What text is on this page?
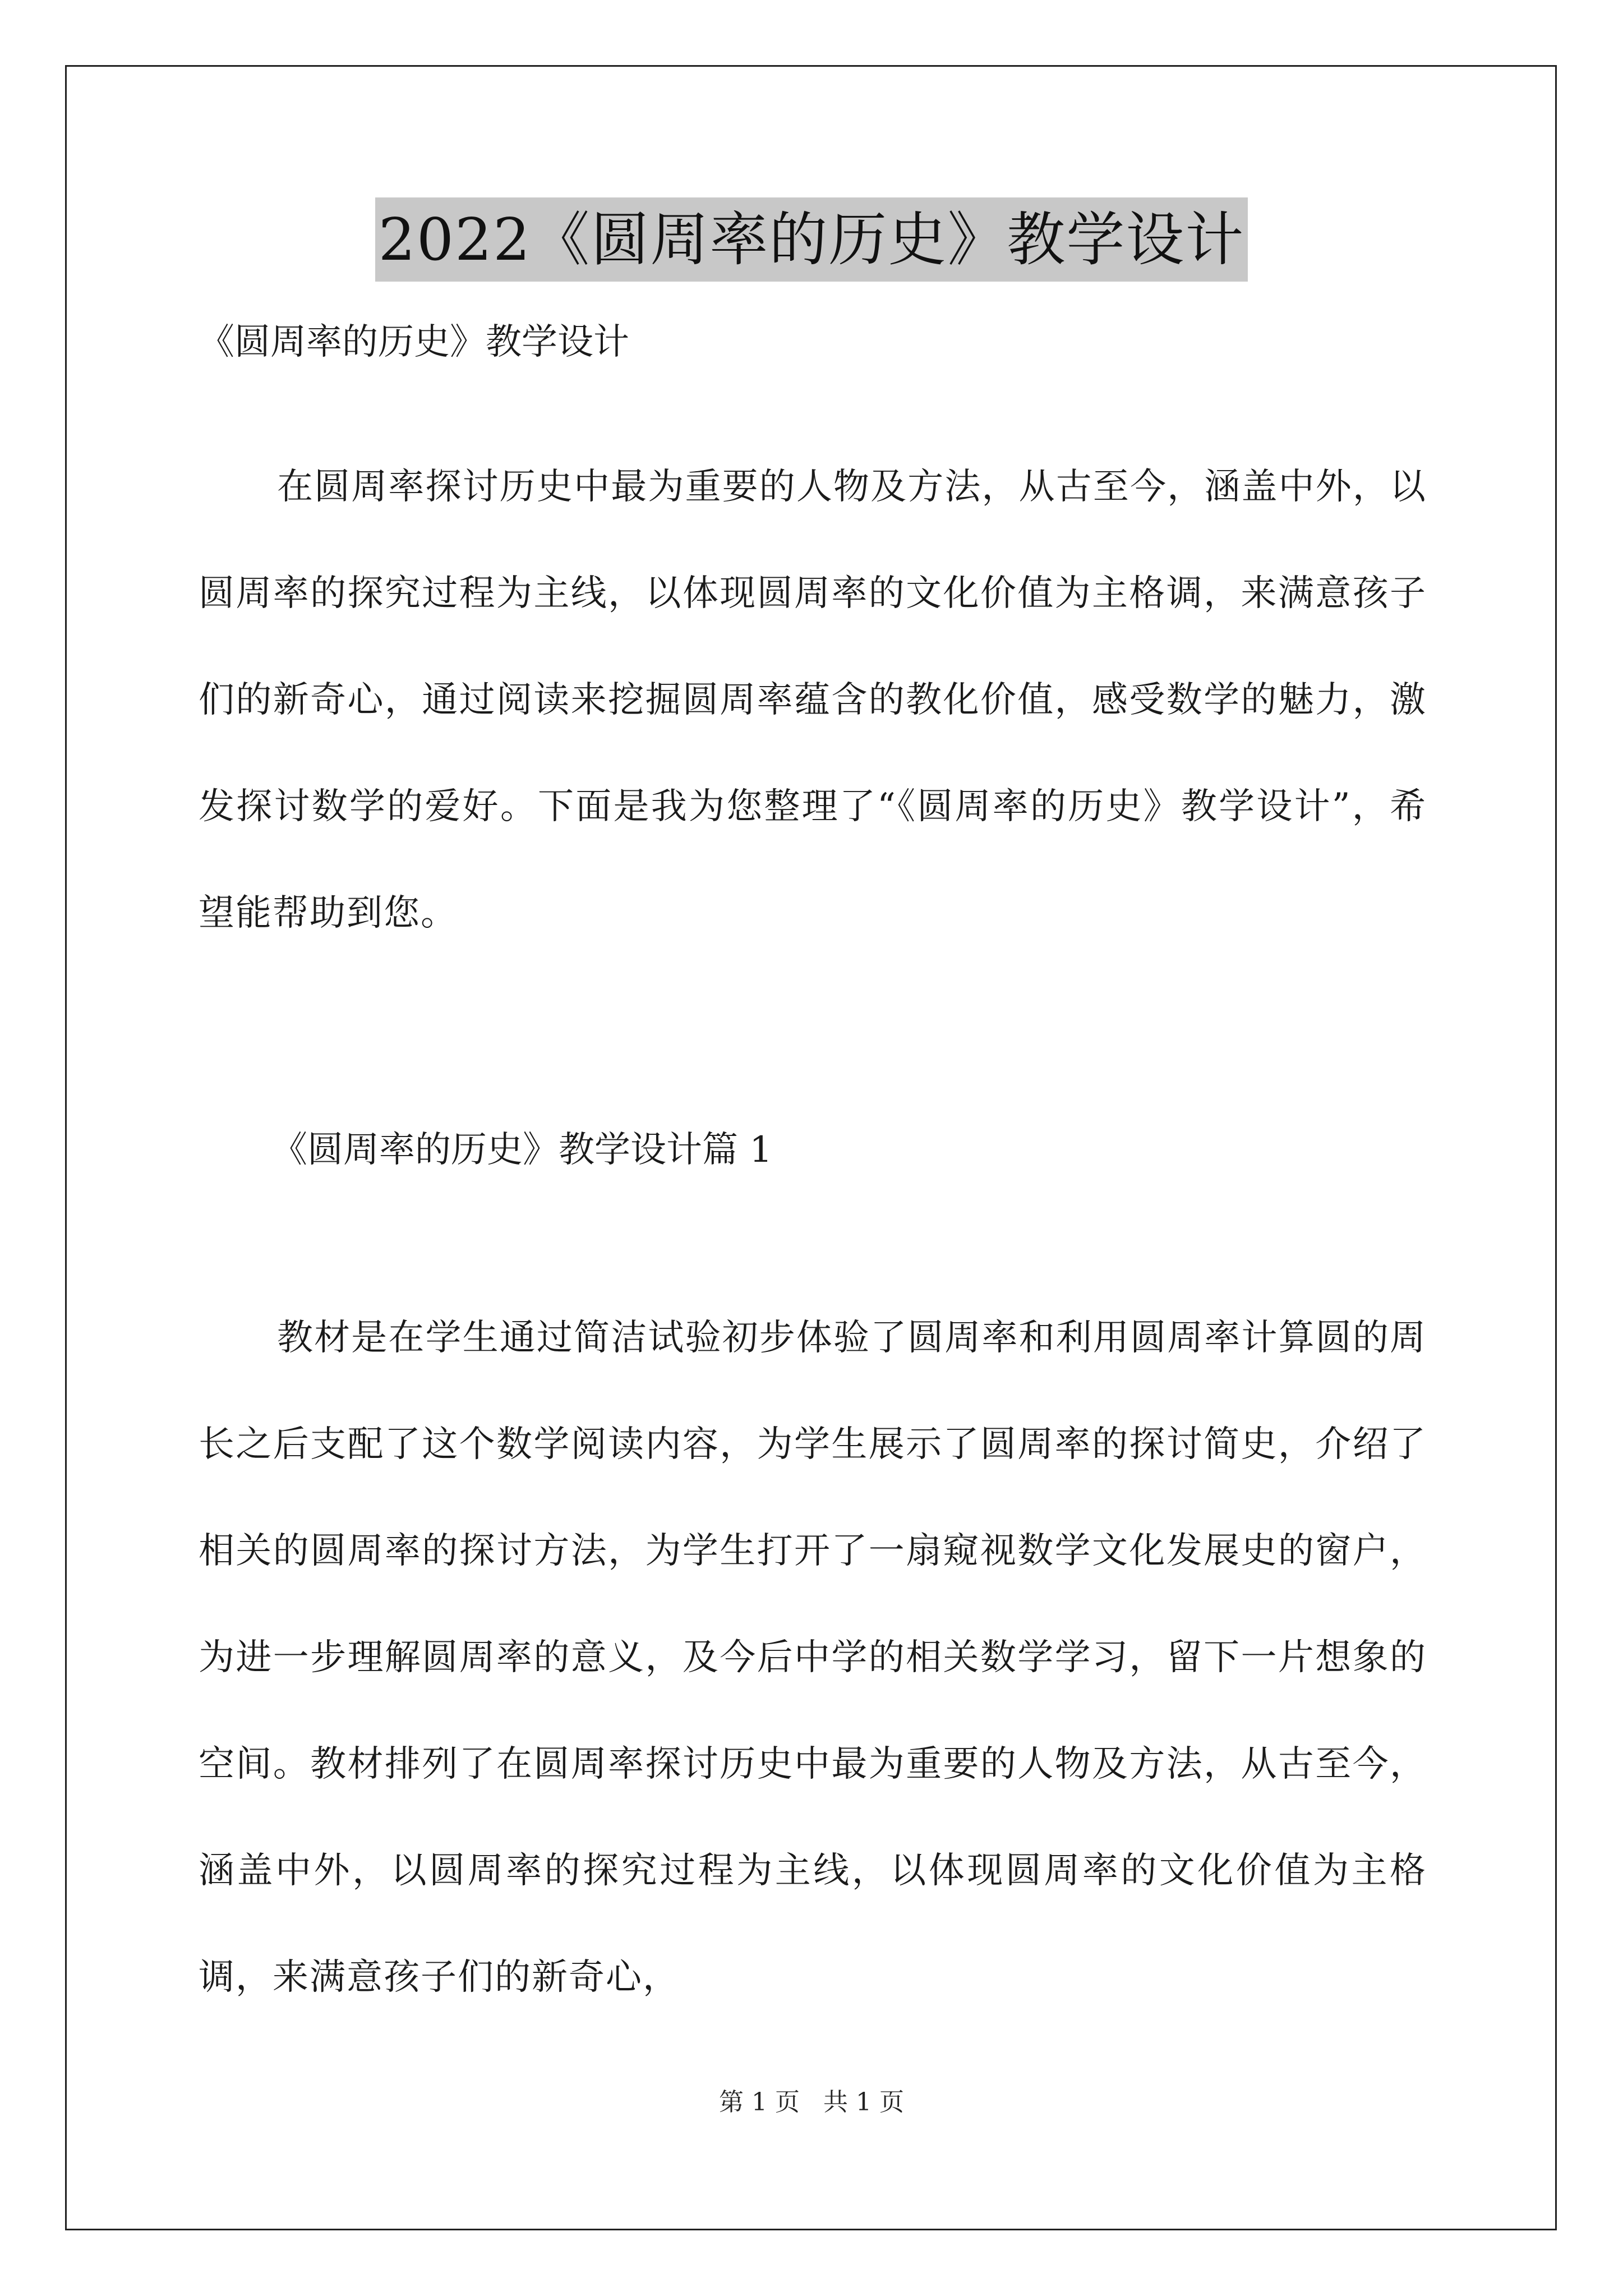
2022《圆周率的历史》教学设计
《圆周率的历史》教学设计

在圆周率探讨历史中最为重要的人物及方法，从古至今，涵盖中外，以圆周率的探究过程为主线，以体现圆周率的文化价值为主格调，来满意孩子们的新奇心，通过阅读来挖掘圆周率蕴含的教化价值，感受数学的魅力，激发探讨数学的爱好。下面是我为您整理了“《圆周率的历史》教学设计”，希望能帮助到您。

《圆周率的历史》教学设计篇 1

教材是在学生通过简洁试验初步体验了圆周率和利用圆周率计算圆的周长之后支配了这个数学阅读内容，为学生展示了圆周率的探讨简史，介绍了相关的圆周率的探讨方法，为学生打开了一扇窥视数学文化发展史的窗户，为进一步理解圆周率的意义，及今后中学的相关数学学习，留下一片想象的空间。教材排列了在圆周率探讨历史中最为重要的人物及方法，从古至今，涵盖中外，以圆周率的探究过程为主线，以体现圆周率的文化价值为主格调，来满意孩子们的新奇心，

第 1 页   共 1 页
